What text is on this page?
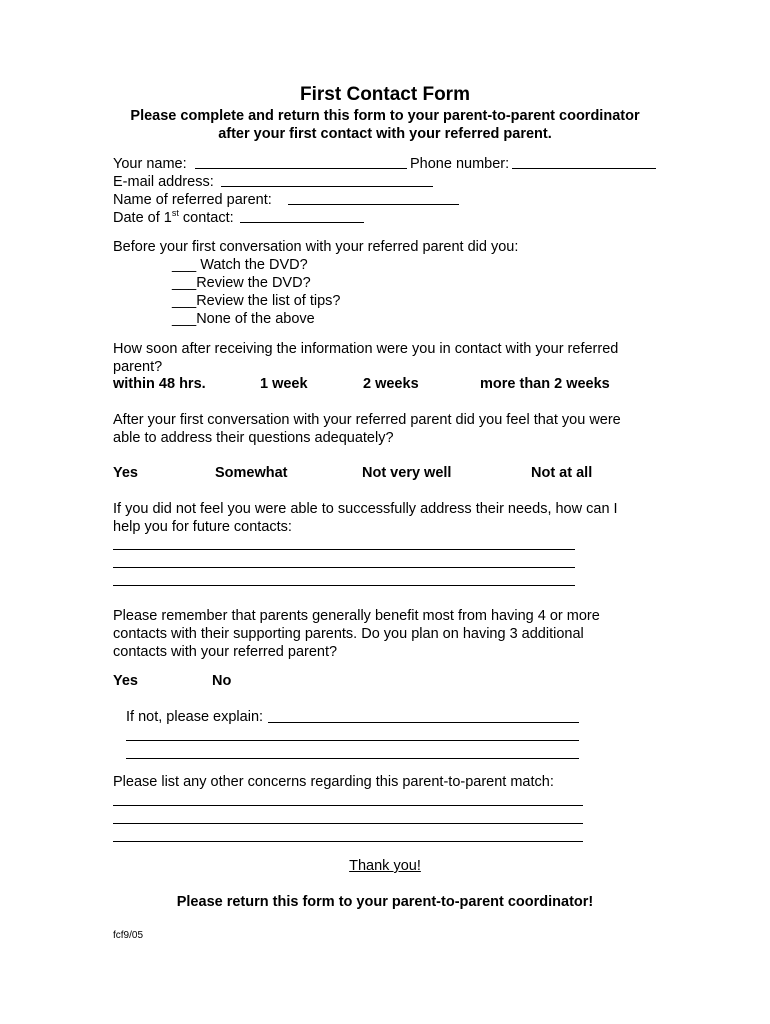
First Contact Form
Please complete and return this form to your parent-to-parent coordinator
after your first contact with your referred parent.
Your name:	Phone number:
E-mail address:
Name of referred parent:
Date of 1st contact:
Before your first conversation with your referred parent did you:
___ Watch the DVD?
___Review the DVD?
___Review the list of tips?
___None of the above
How soon after receiving the information were you in contact with your referred
parent?
within 48 hrs.	1 week	2 weeks	more than 2 weeks
After your first conversation with your referred parent did you feel that you were
able to address their questions adequately?
Yes	Somewhat	Not very well	Not at all
If you did not feel you were able to successfully address their needs, how can I
help you for future contacts:
Please remember that parents generally benefit most from having 4 or more
contacts with their supporting parents. Do you plan on having 3 additional
contacts with your referred parent?
Yes	No
If not, please explain:
Please list any other concerns regarding this parent-to-parent match:
Thank you!
Please return this form to your parent-to-parent coordinator!
fcf9/05
